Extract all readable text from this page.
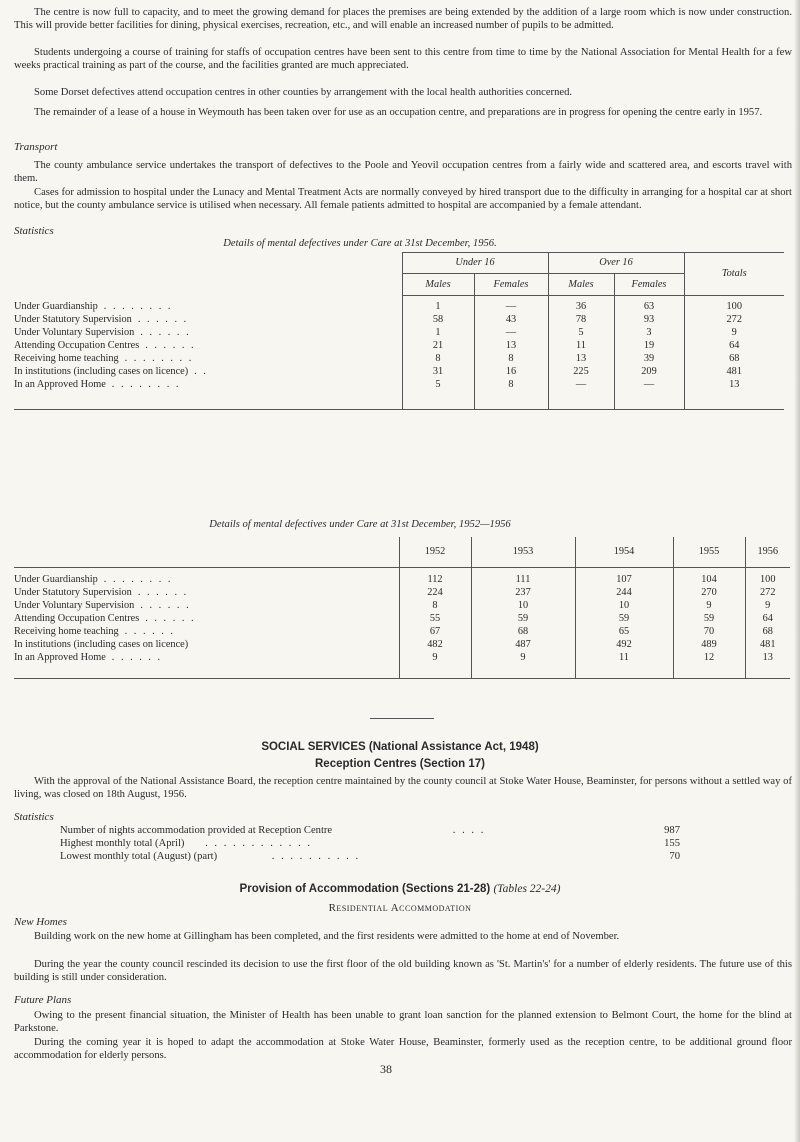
The centre is now full to capacity, and to meet the growing demand for places the premises are being extended by the addition of a large room which is now under construction. This will provide better facilities for dining, physical exercises, recreation, etc., and will enable an increased number of pupils to be admitted.

Students undergoing a course of training for staffs of occupation centres have been sent to this centre from time to time by the National Association for Mental Health for a few weeks practical training as part of the course, and the facilities granted are much appreciated.

Some Dorset defectives attend occupation centres in other counties by arrangement with the local health authorities concerned.

The remainder of a lease of a house in Weymouth has been taken over for use as an occupation centre, and preparations are in progress for opening the centre early in 1957.

Transport

The county ambulance service undertakes the transport of defectives to the Poole and Yeovil occupation centres from a fairly wide and scattered area, and escorts travel with them.

Cases for admission to hospital under the Lunacy and Mental Treatment Acts are normally conveyed by hired transport due to the difficulty in arranging for a hospital car at short notice, but the county ambulance service is utilised when necessary. All female patients admitted to hospital are accompanied by a female attendant.

Statistics

Details of mental defectives under Care at 31st December, 1956.

	Under 16		Over 16		Totals
	Males	Females	Males	Females	

Under Guardianship . . . . . . . .	1	—	36	63	100
Under Statutory Supervision . . . . . .	58	43	78	93	272
Under Voluntary Supervision . . . . . .	1	—	5	3	9
Attending Occupation Centres . . . . . .	21	13	11	19	64
Receiving home teaching . . . . . . . .	8	8	13	39	68
In institutions (including cases on licence) . .	31	16	225	209	481
In an Approved Home . . . . . . . .	5	8	—	—	13

Details of mental defectives under Care at 31st December, 1952—1956

	1952	1953	1954	1955	1956

Under Guardianship . . . . . . . .	112	111	107	104	100
Under Statutory Supervision . . . . . .	224	237	244	270	272
Under Voluntary Supervision . . . . . .	8	10	10	9	9
Attending Occupation Centres . . . . . .	55	59	59	59	64
Receiving home teaching . . . . . .	67	68	65	70	68
In institutions (including cases on licence)	482	487	492	489	481
In an Approved Home . . . . . .	9	9	11	12	13

SOCIAL SERVICES (National Assistance Act, 1948)

Reception Centres (Section 17)

With the approval of the National Assistance Board, the reception centre maintained by the county council at Stoke Water House, Beaminster, for persons without a settled way of living, was closed on 18th August, 1956.

Statistics

Number of nights accommodation provided at Reception Centre	. . . .	987
Highest monthly total (April) . . . . . . . . . . . .	155
Lowest monthly total (August) (part)	. . . . . . . . . .	70

Provision of Accommodation (Sections 21-28) (Tables 22-24)

Residential Accommodation

New Homes

Building work on the new home at Gillingham has been completed, and the first residents were admitted to the home at end of November.

During the year the county council rescinded its decision to use the first floor of the old building known as 'St. Martin's' for a number of elderly residents. The future use of this building is still under consideration.

Future Plans

Owing to the present financial situation, the Minister of Health has been unable to grant loan sanction for the planned extension to Belmont Court, the home for the blind at Parkstone.

During the coming year it is hoped to adapt the accommodation at Stoke Water House, Beaminster, formerly used as the reception centre, to be additional ground floor accommodation for elderly persons.

38
